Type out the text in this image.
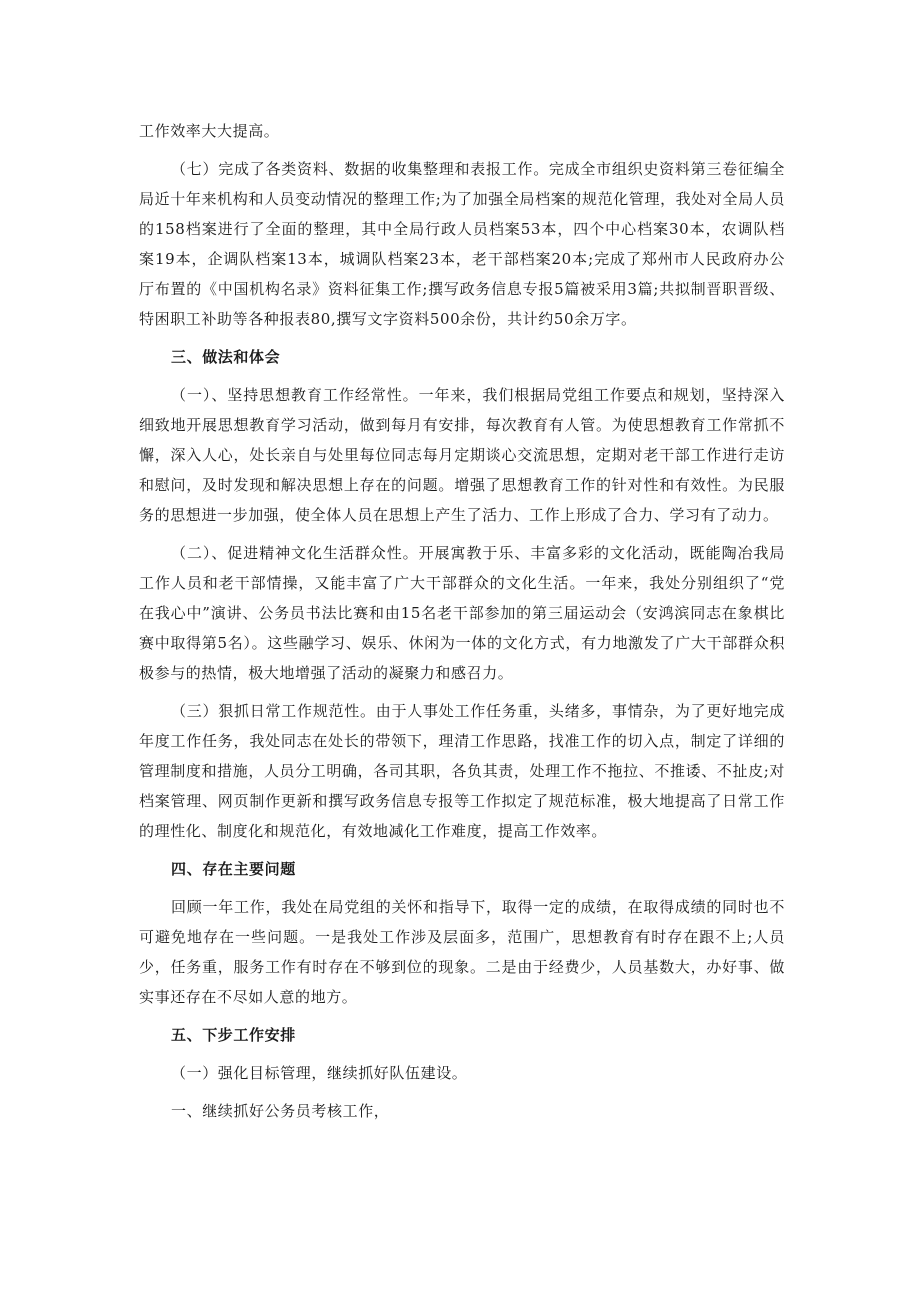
工作效率大大提高。

（七）完成了各类资料、数据的收集整理和表报工作。完成全市组织史资料第三卷征编全局近十年来机构和人员变动情况的整理工作;为了加强全局档案的规范化管理，我处对全局人员的158档案进行了全面的整理，其中全局行政人员档案53本，四个中心档案30本，农调队档案19本，企调队档案13本，城调队档案23本，老干部档案20本;完成了郑州市人民政府办公厅布置的《中国机构名录》资料征集工作;撰写政务信息专报5篇被采用3篇;共拟制晋职晋级、特困职工补助等各种报表80,撰写文字资料500余份，共计约50余万字。

三、做法和体会

（一）、坚持思想教育工作经常性。一年来，我们根据局党组工作要点和规划，坚持深入细致地开展思想教育学习活动，做到每月有安排，每次教育有人管。为使思想教育工作常抓不懈，深入人心，处长亲自与处里每位同志每月定期谈心交流思想，定期对老干部工作进行走访和慰问，及时发现和解决思想上存在的问题。增强了思想教育工作的针对性和有效性。为民服务的思想进一步加强，使全体人员在思想上产生了活力、工作上形成了合力、学习有了动力。

（二）、促进精神文化生活群众性。开展寓教于乐、丰富多彩的文化活动，既能陶冶我局工作人员和老干部情操，又能丰富了广大干部群众的文化生活。一年来，我处分别组织了“党在我心中”演讲、公务员书法比赛和由15名老干部参加的第三届运动会（安鸿滨同志在象棋比赛中取得第5名）。这些融学习、娱乐、休闲为一体的文化方式，有力地激发了广大干部群众积极参与的热情，极大地增强了活动的凝聚力和感召力。

（三）狠抓日常工作规范性。由于人事处工作任务重，头绪多，事情杂，为了更好地完成年度工作任务，我处同志在处长的带领下，理清工作思路，找准工作的切入点，制定了详细的管理制度和措施，人员分工明确，各司其职，各负其责，处理工作不拖拉、不推诿、不扯皮;对档案管理、网页制作更新和撰写政务信息专报等工作拟定了规范标准，极大地提高了日常工作的理性化、制度化和规范化，有效地减化工作难度，提高工作效率。

四、存在主要问题

回顾一年工作，我处在局党组的关怀和指导下，取得一定的成绩，在取得成绩的同时也不可避免地存在一些问题。一是我处工作涉及层面多，范围广，思想教育有时存在跟不上;人员少，任务重，服务工作有时存在不够到位的现象。二是由于经费少，人员基数大，办好事、做实事还存在不尽如人意的地方。

五、下步工作安排

（一）强化目标管理，继续抓好队伍建设。

一、继续抓好公务员考核工作，
